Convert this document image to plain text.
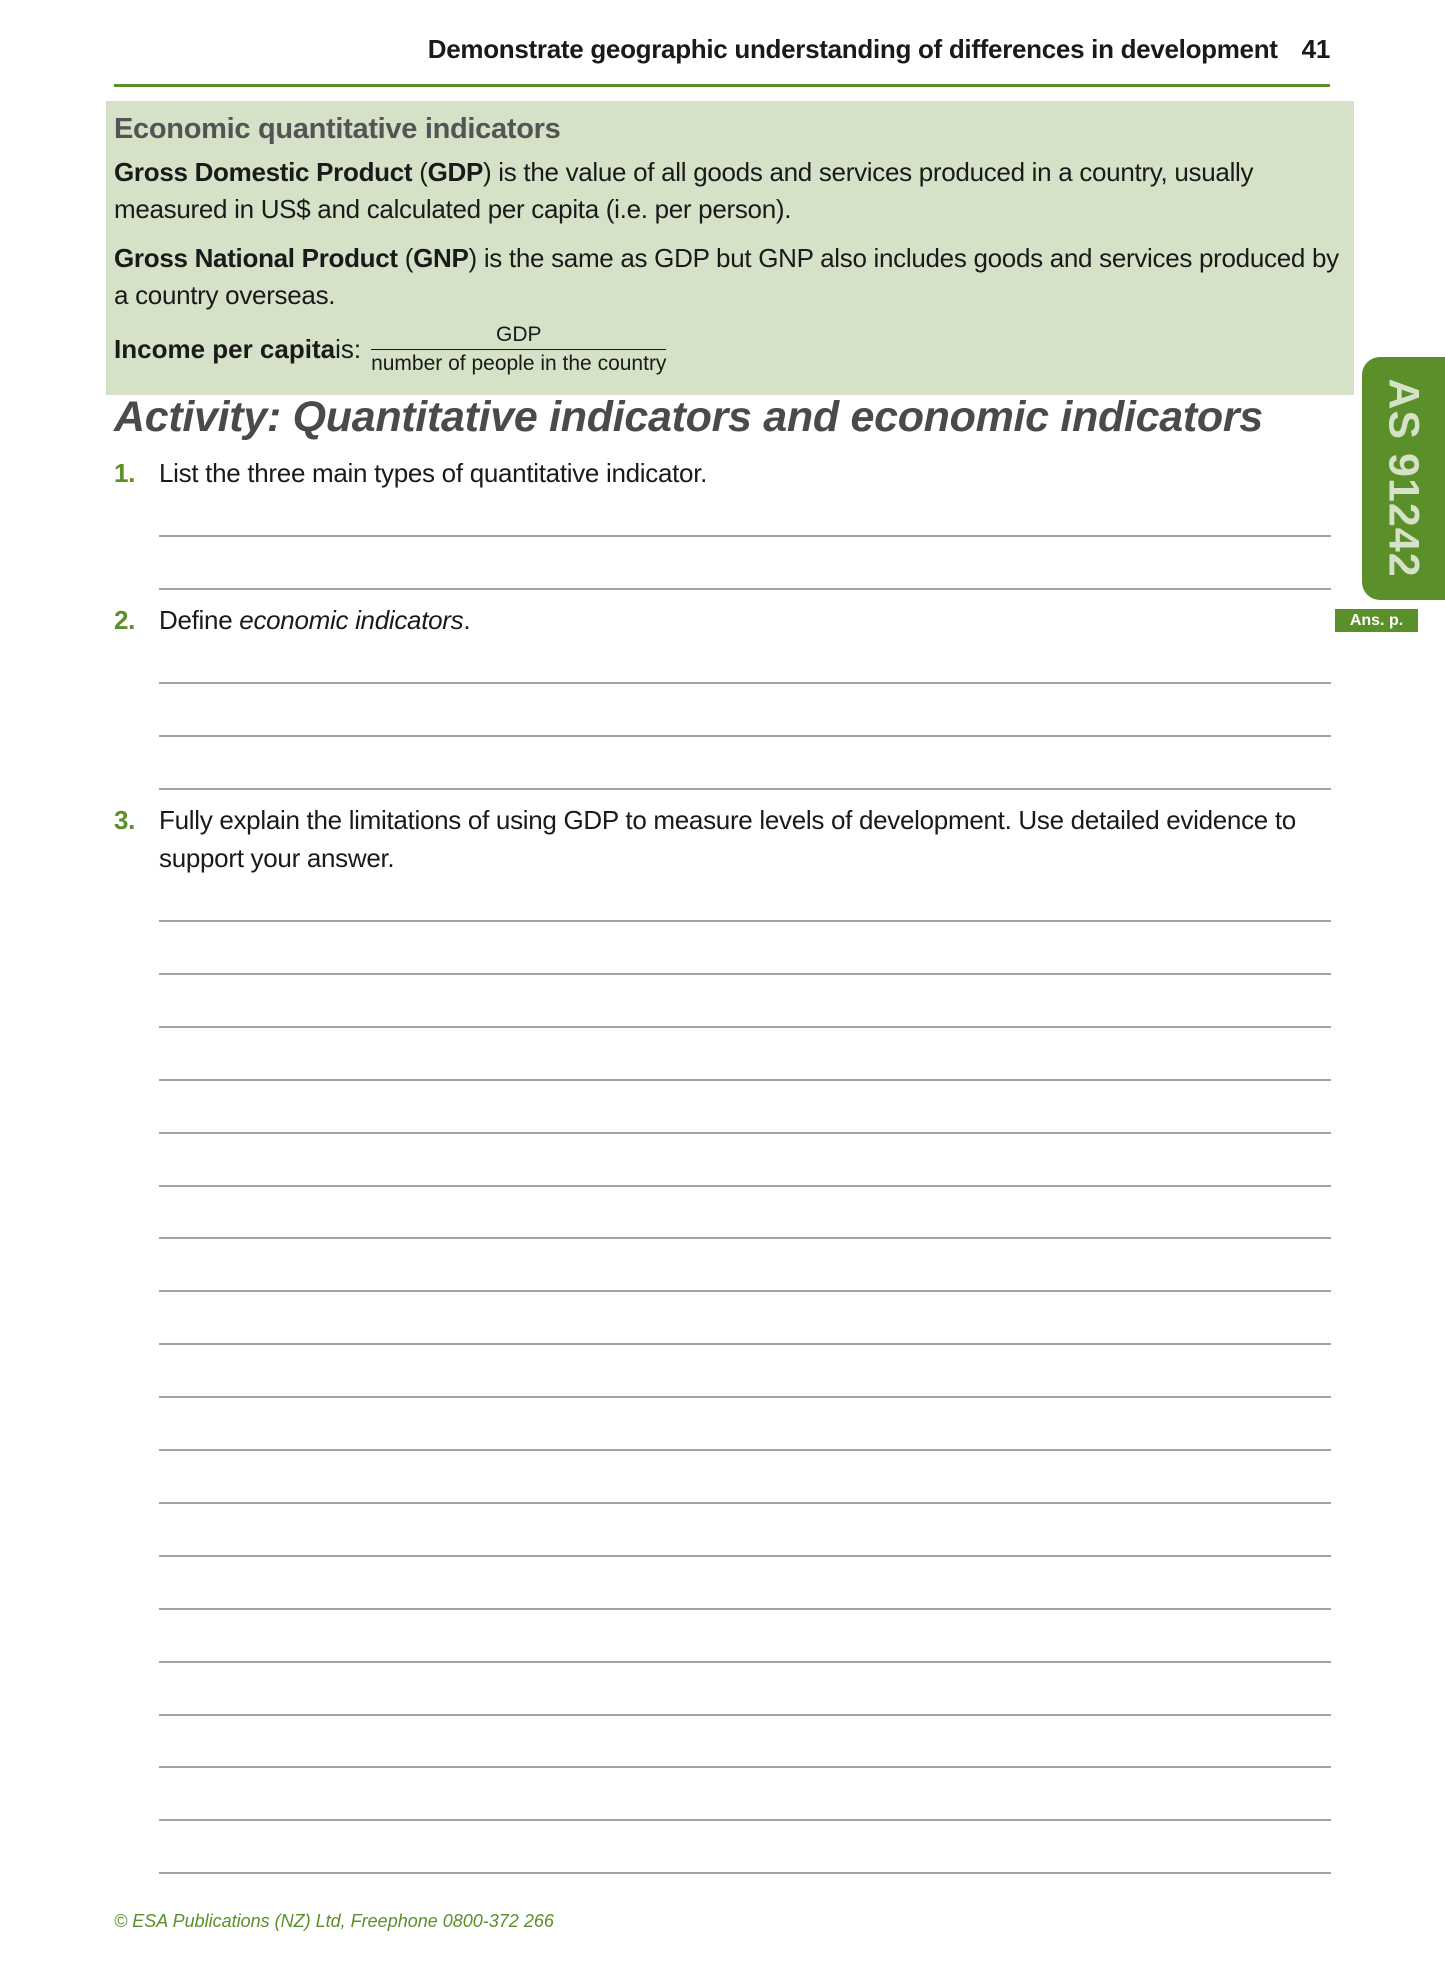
Demonstrate geographic understanding of differences in development 41
Economic quantitative indicators

Gross Domestic Product (GDP) is the value of all goods and services produced in a country, usually measured in US$ and calculated per capita (i.e. per person).

Gross National Product (GNP) is the same as GDP but GNP also includes goods and services produced by a country overseas.

Income per capita is: $\frac{\text{GDP}}{\text{number of people in the country}}$
Activity: Quantitative indicators and economic indicators
1. List the three main types of quantitative indicator.
2. Define economic indicators.
3. Fully explain the limitations of using GDP to measure levels of development. Use detailed evidence to support your answer.
AS 91242
Ans. p. 105
© ESA Publications (NZ) Ltd, Freephone 0800-372 266
